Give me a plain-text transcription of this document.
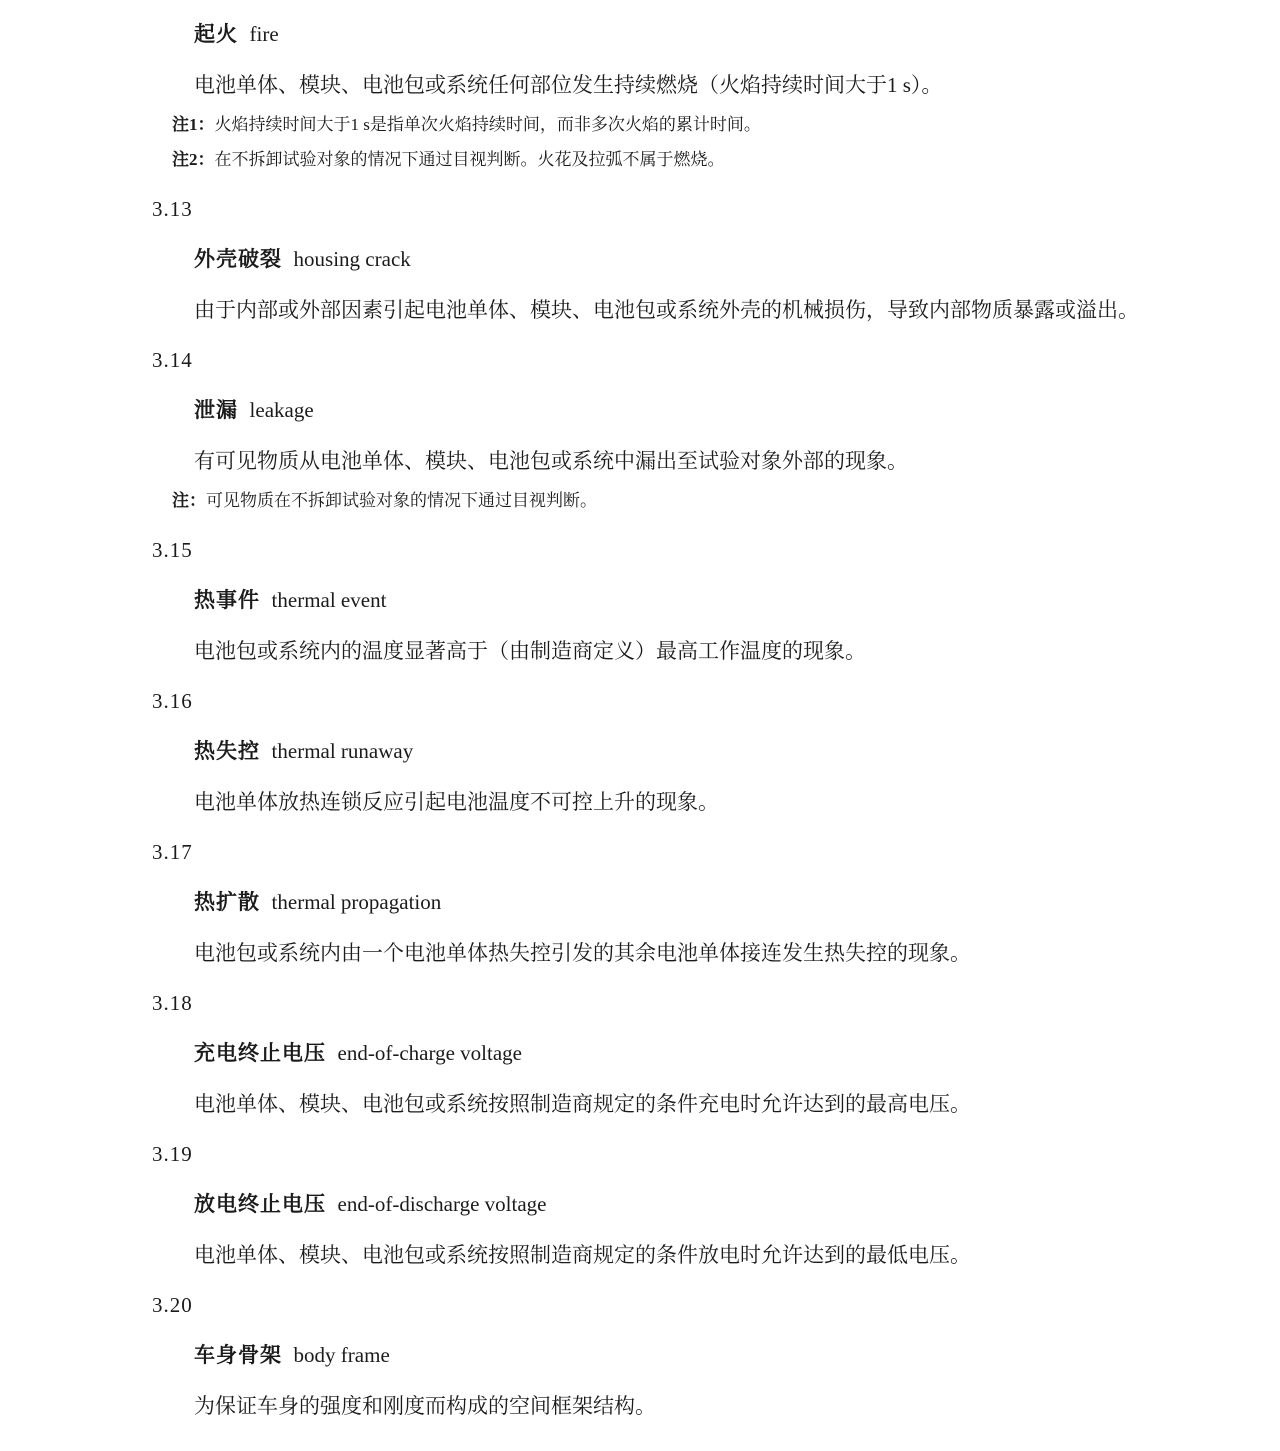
起火 fire

电池单体、模块、电池包或系统任何部位发生持续燃烧（火焰持续时间大于1 s）。

注1：火焰持续时间大于1 s是指单次火焰持续时间，而非多次火焰的累计时间。

注2：在不拆卸试验对象的情况下通过目视判断。火花及拉弧不属于燃烧。

3.13

外壳破裂 housing crack

由于内部或外部因素引起电池单体、模块、电池包或系统外壳的机械损伤，导致内部物质暴露或溢出。

3.14

泄漏 leakage

有可见物质从电池单体、模块、电池包或系统中漏出至试验对象外部的现象。

注：可见物质在不拆卸试验对象的情况下通过目视判断。

3.15

热事件 thermal event

电池包或系统内的温度显著高于（由制造商定义）最高工作温度的现象。

3.16

热失控 thermal runaway

电池单体放热连锁反应引起电池温度不可控上升的现象。

3.17

热扩散 thermal propagation

电池包或系统内由一个电池单体热失控引发的其余电池单体接连发生热失控的现象。

3.18

充电终止电压 end-of-charge voltage

电池单体、模块、电池包或系统按照制造商规定的条件充电时允许达到的最高电压。

3.19

放电终止电压 end-of-discharge voltage

电池单体、模块、电池包或系统按照制造商规定的条件放电时允许达到的最低电压。

3.20

车身骨架 body frame

为保证车身的强度和刚度而构成的空间框架结构。
